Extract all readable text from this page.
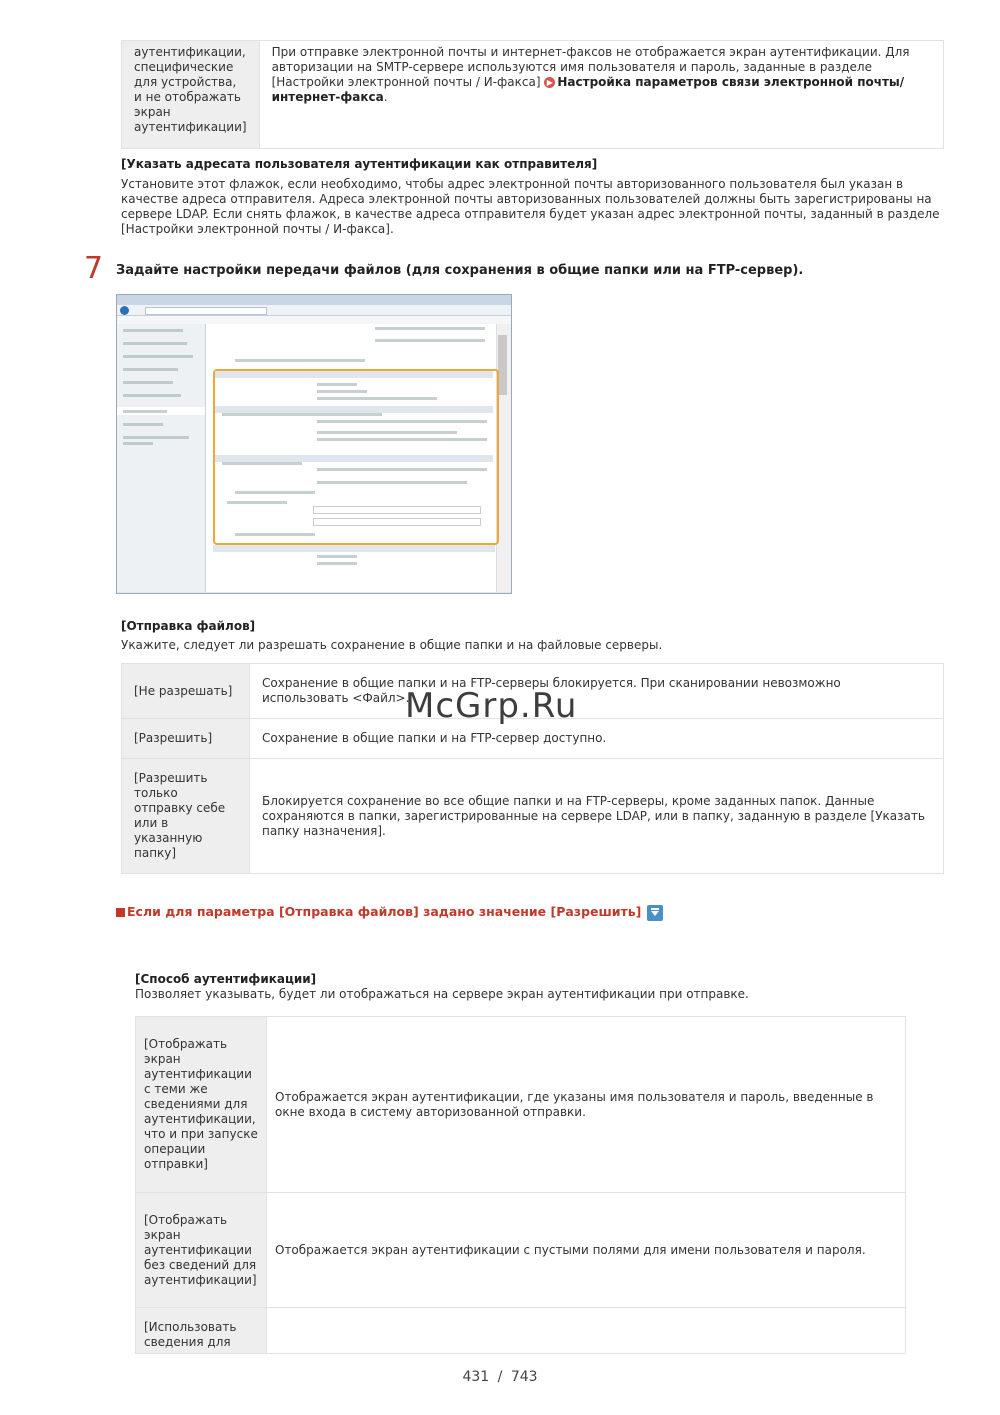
аутентификации, специфические для устройства, и не отображать экран аутентификации]	При отправке электронной почты и интернет-факсов не отображается экран аутентификации. Для авторизации на SMTP-сервере используются имя пользователя и пароль, заданные в разделе [Настройки электронной почты / И-факса] ▶ Настройка параметров связи электронной почты/интернет-факса.
[Указать адресата пользователя аутентификации как отправителя]
Установите этот флажок, если необходимо, чтобы адрес электронной почты авторизованного пользователя был указан в качестве адреса отправителя. Адреса электронной почты авторизованных пользователей должны быть зарегистрированы на сервере LDAP. Если снять флажок, в качестве адреса отправителя будет указан адрес электронной почты, заданный в разделе [Настройки электронной почты / И-факса].
7 Задайте настройки передачи файлов (для сохранения в общие папки или на FTP-сервер).
[Отправка файлов]
Укажите, следует ли разрешать сохранение в общие папки и на файловые серверы.
[Не разрешать]	Сохранение в общие папки и на FTP-серверы блокируется. При сканировании невозможно использовать <Файл>.
[Разрешить]	Сохранение в общие папки и на FTP-сервер доступно.
[Разрешить только отправку себе или в указанную папку]	Блокируется сохранение во все общие папки и на FTP-серверы, кроме заданных папок. Данные сохраняются в папки, зарегистрированные на сервере LDAP, или в папку, заданную в разделе [Указать папку назначения].
McGrp.Ru
Если для параметра [Отправка файлов] задано значение [Разрешить]
[Способ аутентификации]
Позволяет указывать, будет ли отображаться на сервере экран аутентификации при отправке.
[Отображать экран аутентификации с теми же сведениями для аутентификации, что и при запуске операции отправки]	Отображается экран аутентификации, где указаны имя пользователя и пароль, введенные в окне входа в систему авторизованной отправки.
[Отображать экран аутентификации без сведений для аутентификации]	Отображается экран аутентификации с пустыми полями для имени пользователя и пароля.
[Использовать сведения для	
431 / 743
